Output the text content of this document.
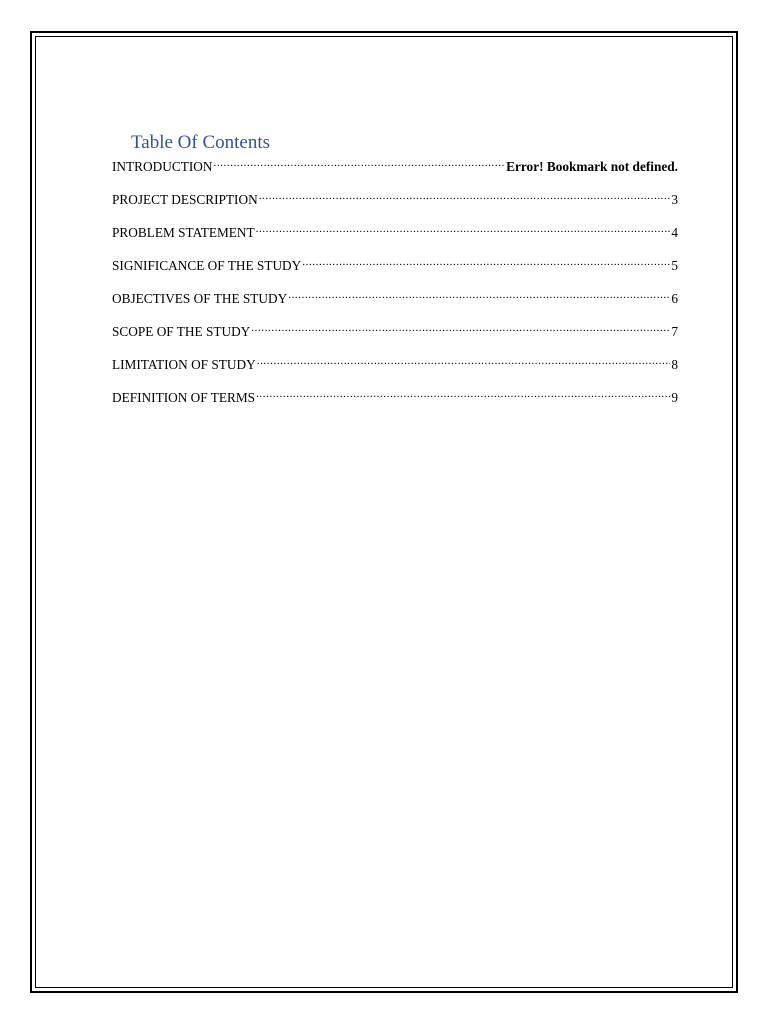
Table Of Contents
INTRODUCTION .....	Error! Bookmark not defined.
PROJECT DESCRIPTION .....	3
PROBLEM STATEMENT .....	4
SIGNIFICANCE OF THE STUDY .....	5
OBJECTIVES OF THE STUDY .....	6
SCOPE OF THE STUDY .....	7
LIMITATION OF STUDY .....	8
DEFINITION OF TERMS .....	9
